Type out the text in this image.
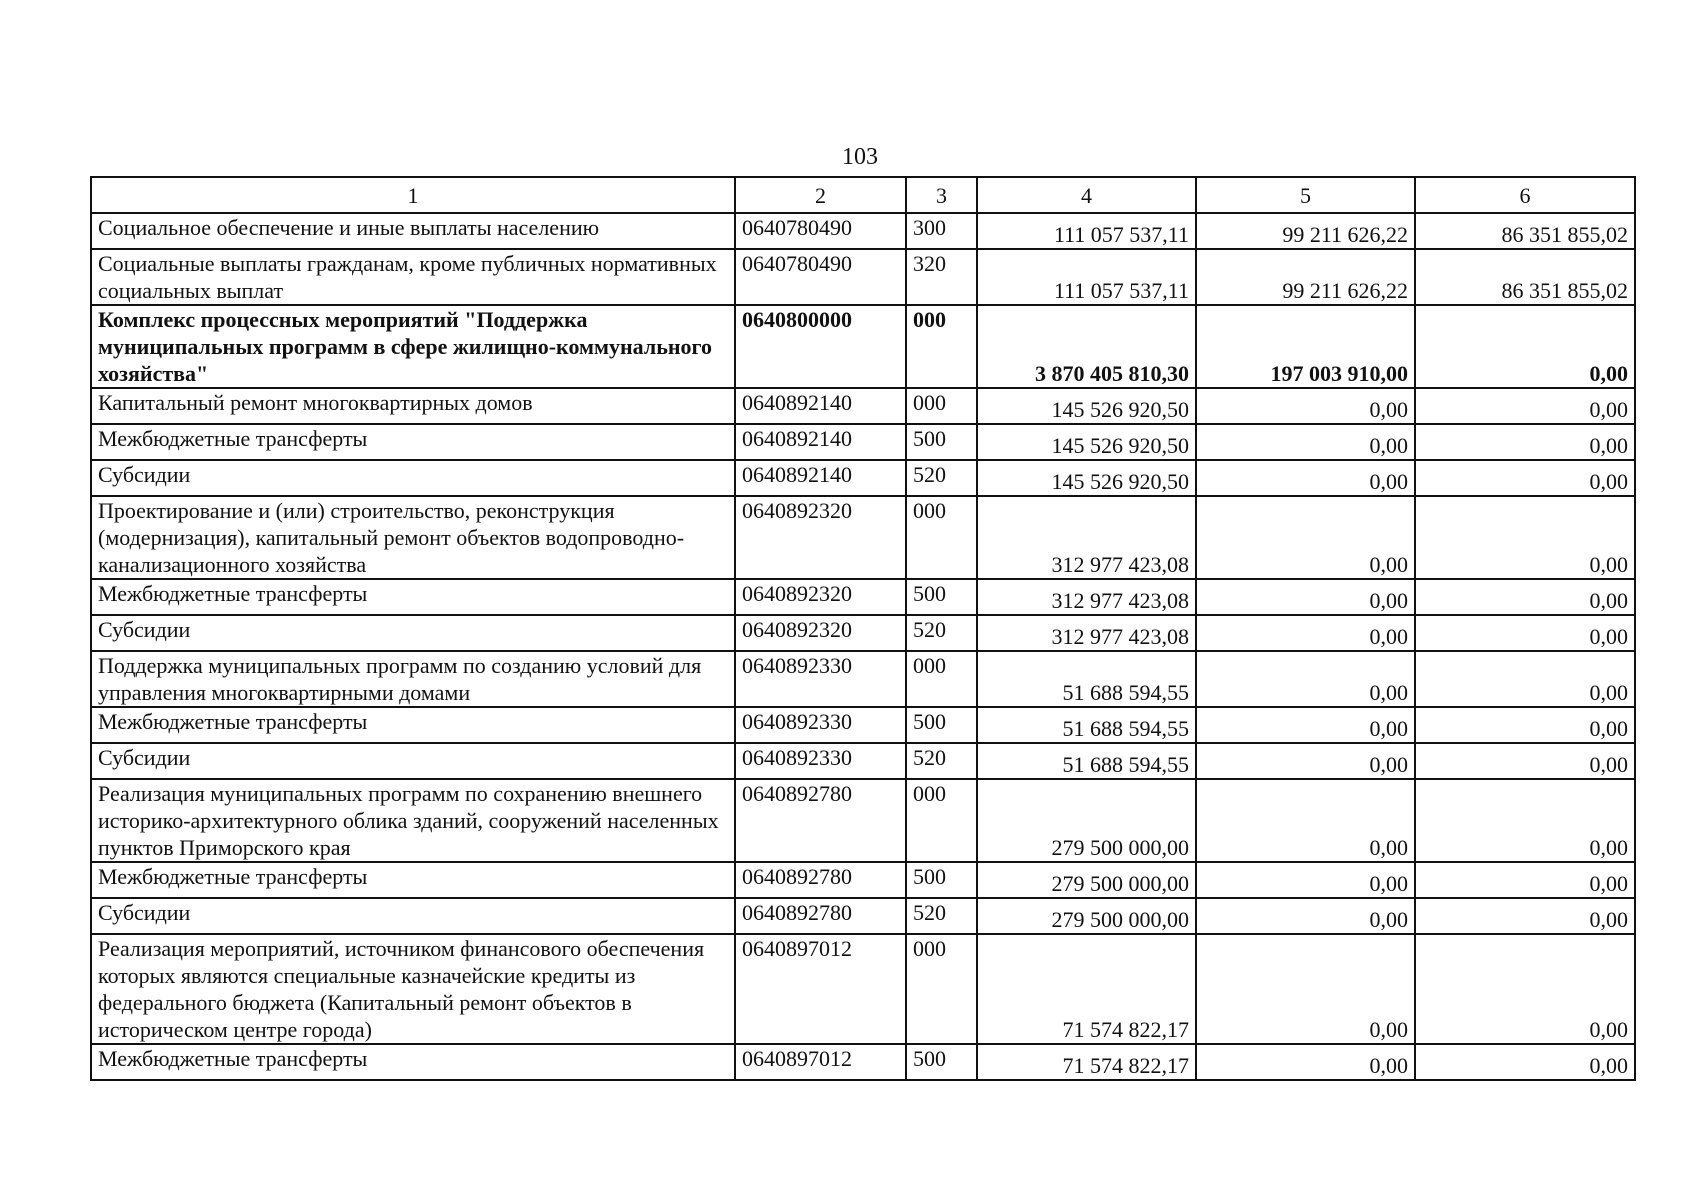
103
1	2	3	4	5	6
Социальное обеспечение и иные выплаты населению	0640780490	300	111 057 537,11	99 211 626,22	86 351 855,02
Социальные выплаты гражданам, кроме публичных нормативных социальных выплат	0640780490	320	111 057 537,11	99 211 626,22	86 351 855,02
Комплекс процессных мероприятий "Поддержка муниципальных программ в сфере жилищно-коммунального хозяйства"	0640800000	000	3 870 405 810,30	197 003 910,00	0,00
Капитальный ремонт многоквартирных домов	0640892140	000	145 526 920,50	0,00	0,00
Межбюджетные трансферты	0640892140	500	145 526 920,50	0,00	0,00
Субсидии	0640892140	520	145 526 920,50	0,00	0,00
Проектирование и (или) строительство, реконструкция (модернизация), капитальный ремонт объектов водопроводно-канализационного хозяйства	0640892320	000	312 977 423,08	0,00	0,00
Межбюджетные трансферты	0640892320	500	312 977 423,08	0,00	0,00
Субсидии	0640892320	520	312 977 423,08	0,00	0,00
Поддержка муниципальных программ по созданию условий для управления многоквартирными домами	0640892330	000	51 688 594,55	0,00	0,00
Межбюджетные трансферты	0640892330	500	51 688 594,55	0,00	0,00
Субсидии	0640892330	520	51 688 594,55	0,00	0,00
Реализация муниципальных программ по сохранению внешнего историко-архитектурного облика зданий, сооружений населенных пунктов Приморского края	0640892780	000	279 500 000,00	0,00	0,00
Межбюджетные трансферты	0640892780	500	279 500 000,00	0,00	0,00
Субсидии	0640892780	520	279 500 000,00	0,00	0,00
Реализация мероприятий, источником финансового обеспечения которых являются специальные казначейские кредиты из федерального бюджета (Капитальный ремонт объектов в историческом центре города)	0640897012	000	71 574 822,17	0,00	0,00
Межбюджетные трансферты	0640897012	500	71 574 822,17	0,00	0,00
